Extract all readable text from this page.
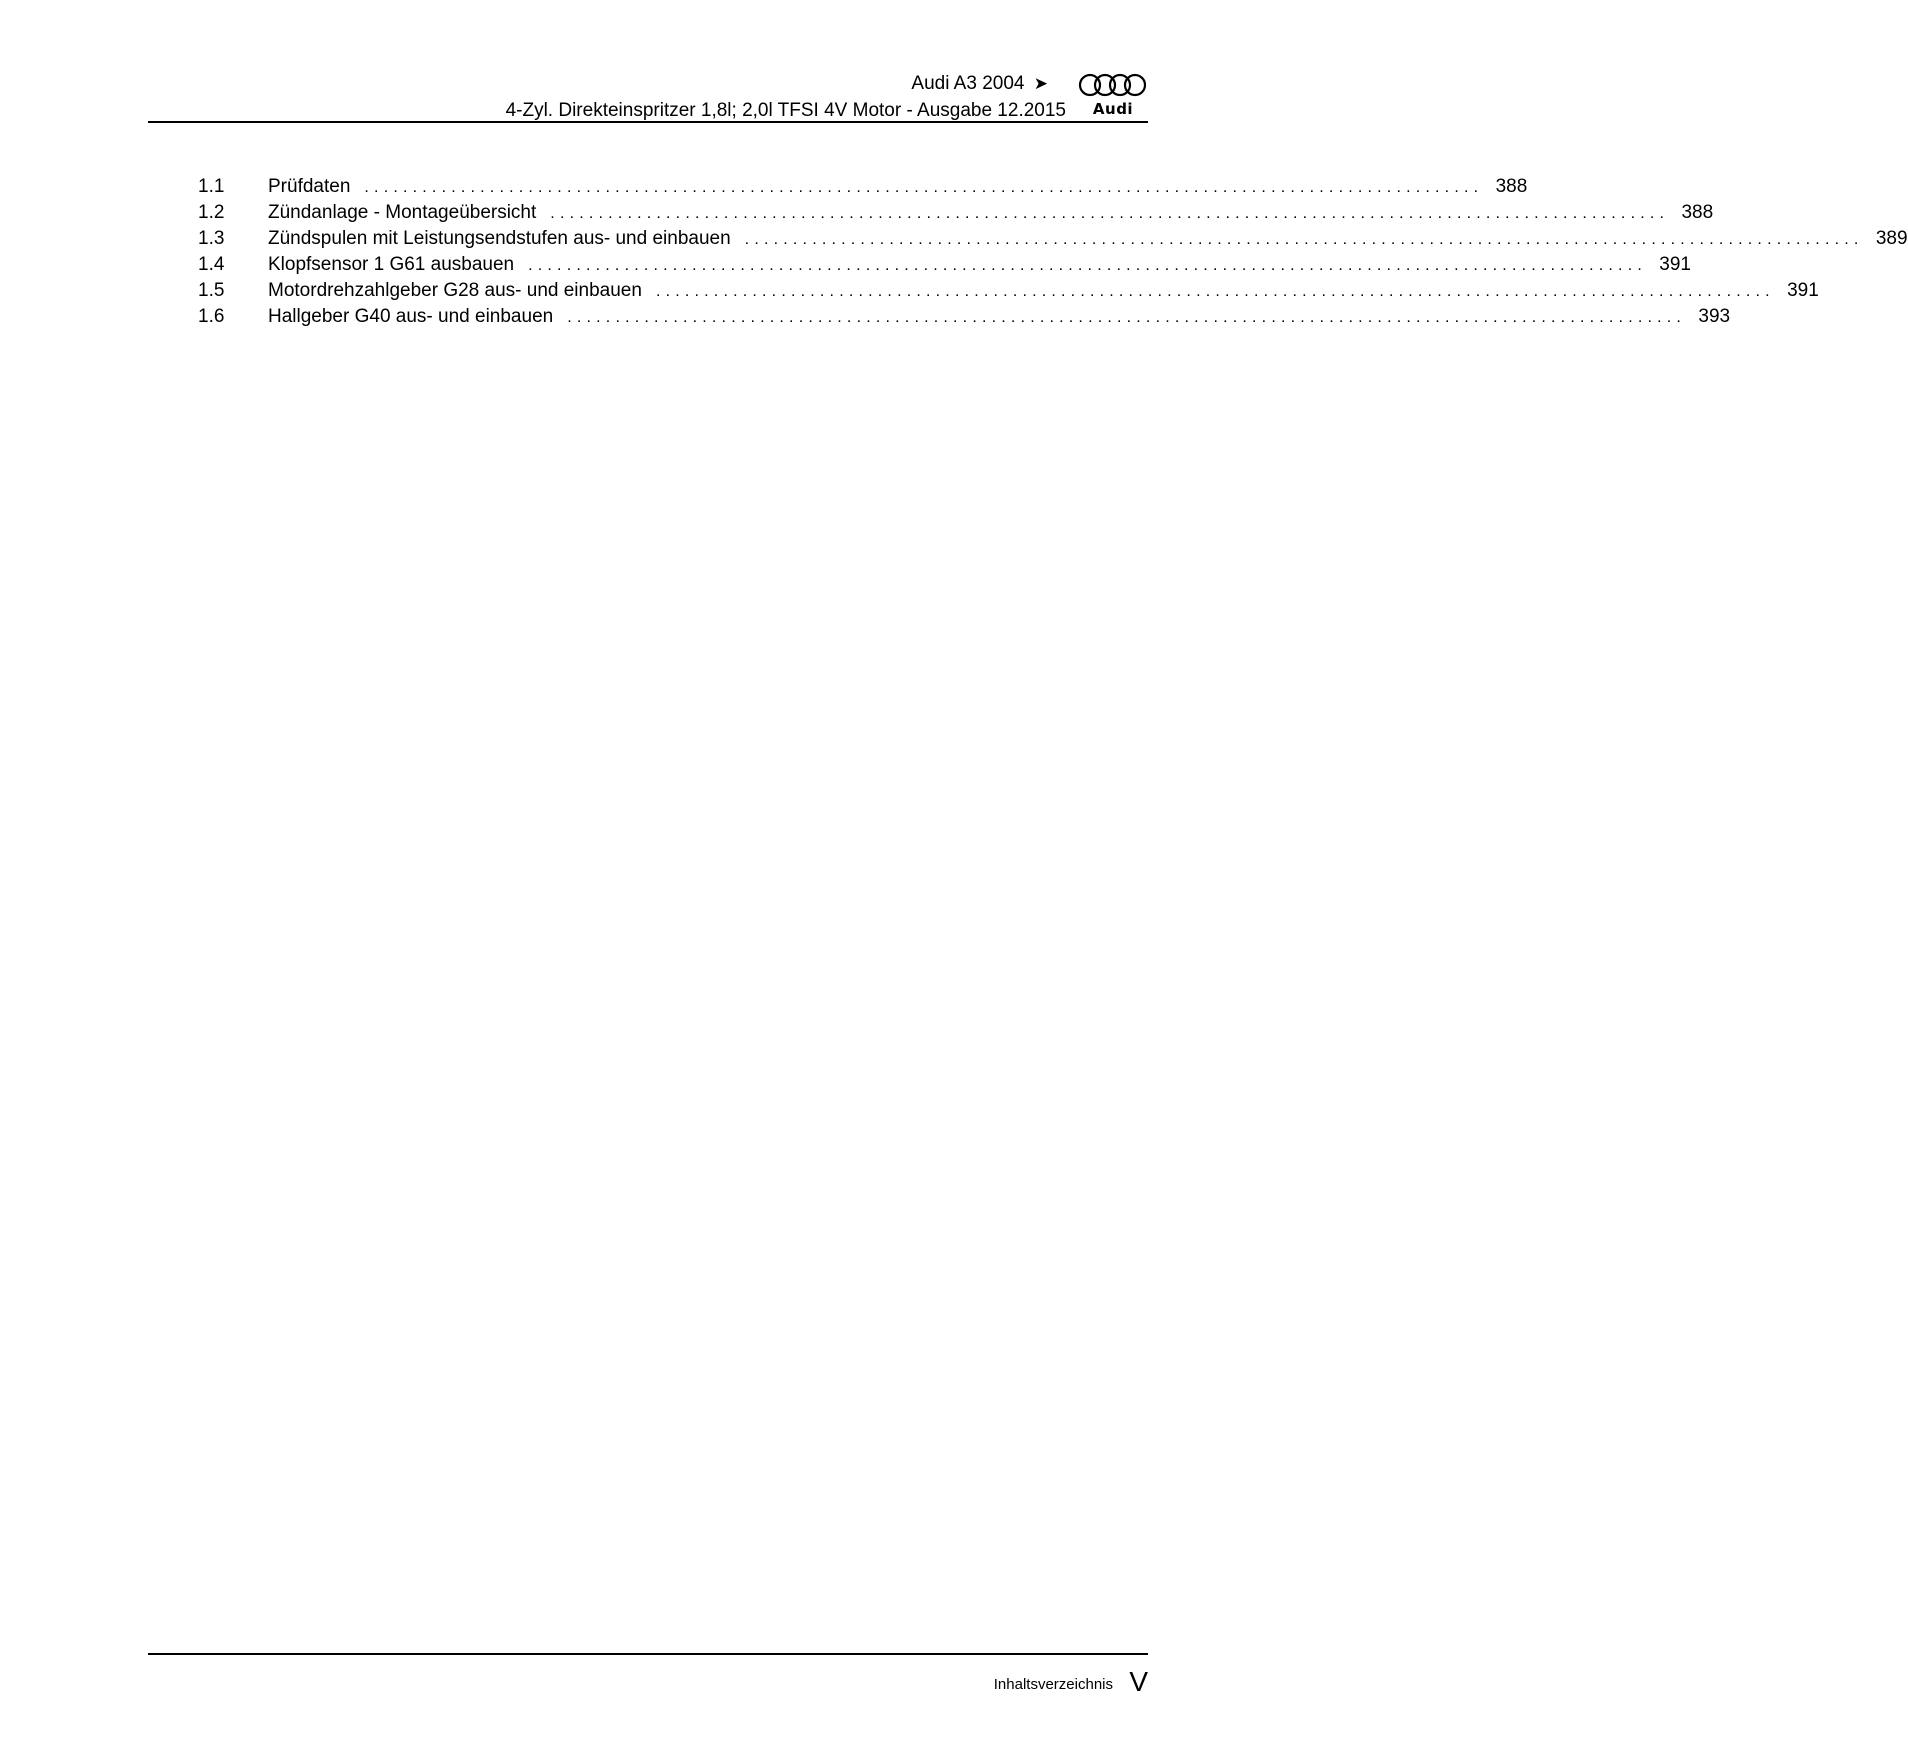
Audi A3 2004 ➤
4-Zyl. Direkteinspritzer 1,8l; 2,0l TFSI 4V Motor - Ausgabe 12.2015	Audi
1.1	Prüfdaten .................................................................................................................... 388
1.2	Zündanlage - Montageübersicht .................................................................................................................... 388
1.3	Zündspulen mit Leistungsendstufen aus- und einbauen .................................................................................................................... 389
1.4	Klopfsensor 1 G61 ausbauen .................................................................................................................... 391
1.5	Motordrehzahlgeber G28 aus- und einbauen .................................................................................................................... 391
1.6	Hallgeber G40 aus- und einbauen .................................................................................................................... 393
Inhaltsverzeichnis V
